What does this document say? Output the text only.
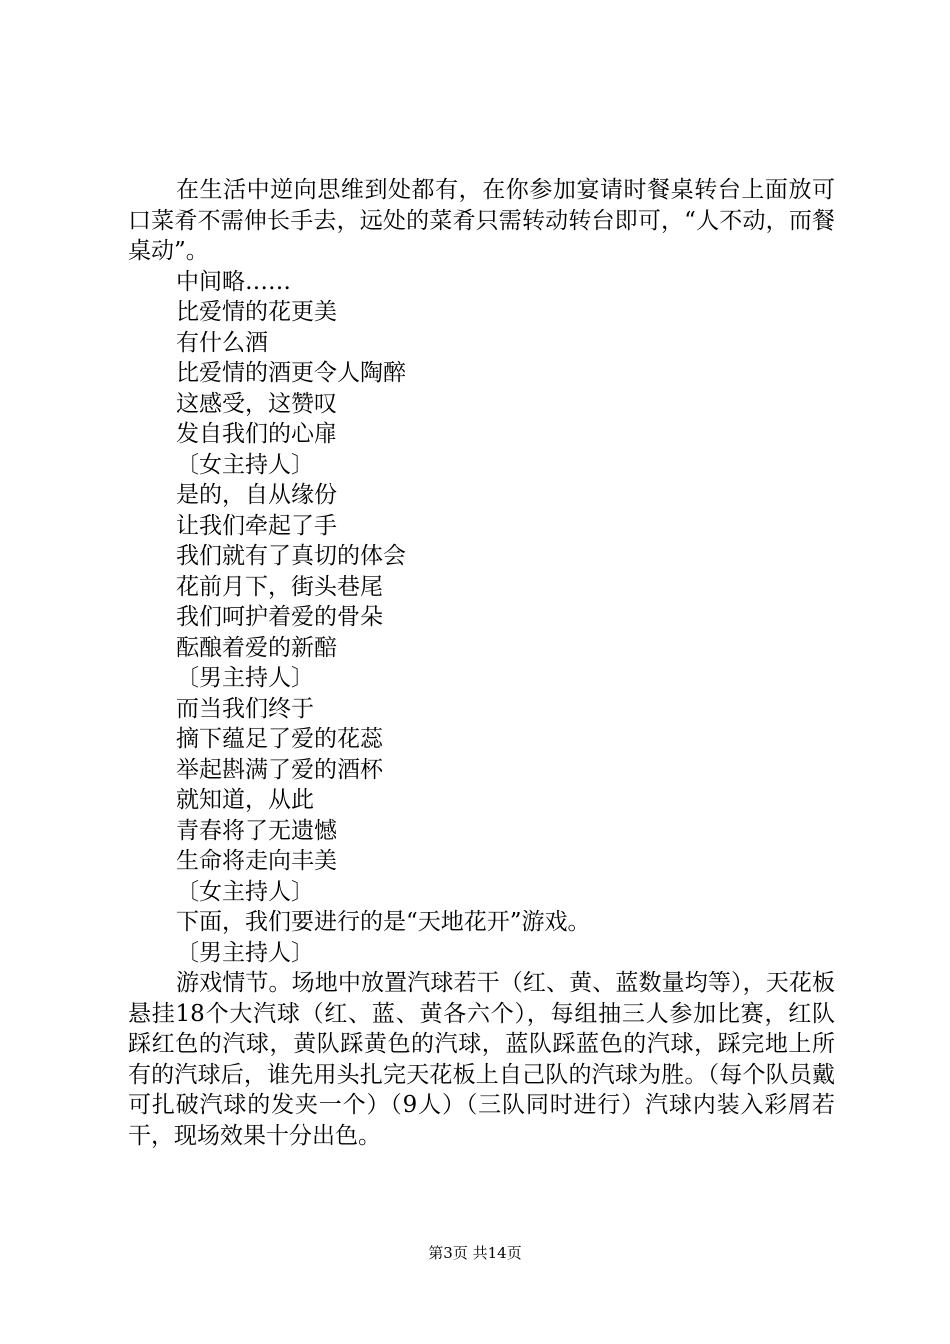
在生活中逆向思维到处都有，在你参加宴请时餐桌转台上面放可口菜肴不需伸长手去，远处的菜肴只需转动转台即可，“人不动，而餐桌动”。

中间略……

比爱情的花更美

有什么酒

比爱情的酒更令人陶醉

这感受，这赞叹

发自我们的心扉

〔女主持人〕

是的，自从缘份

让我们牵起了手

我们就有了真切的体会

花前月下，街头巷尾

我们呵护着爱的骨朵

酝酿着爱的新醅

〔男主持人〕

而当我们终于

摘下蕴足了爱的花蕊

举起斟满了爱的酒杯

就知道，从此

青春将了无遗憾

生命将走向丰美

〔女主持人〕

下面，我们要进行的是“天地花开”游戏。

〔男主持人〕

游戏情节。场地中放置汽球若干（红、黄、蓝数量均等），天花板悬挂18个大汽球（红、蓝、黄各六个），每组抽三人参加比赛，红队踩红色的汽球，黄队踩黄色的汽球，蓝队踩蓝色的汽球，踩完地上所有的汽球后，谁先用头扎完天花板上自己队的汽球为胜。（每个队员戴可扎破汽球的发夹一个）（9人）（三队同时进行）汽球内装入彩屑若干，现场效果十分出色。

第3页 共14页
